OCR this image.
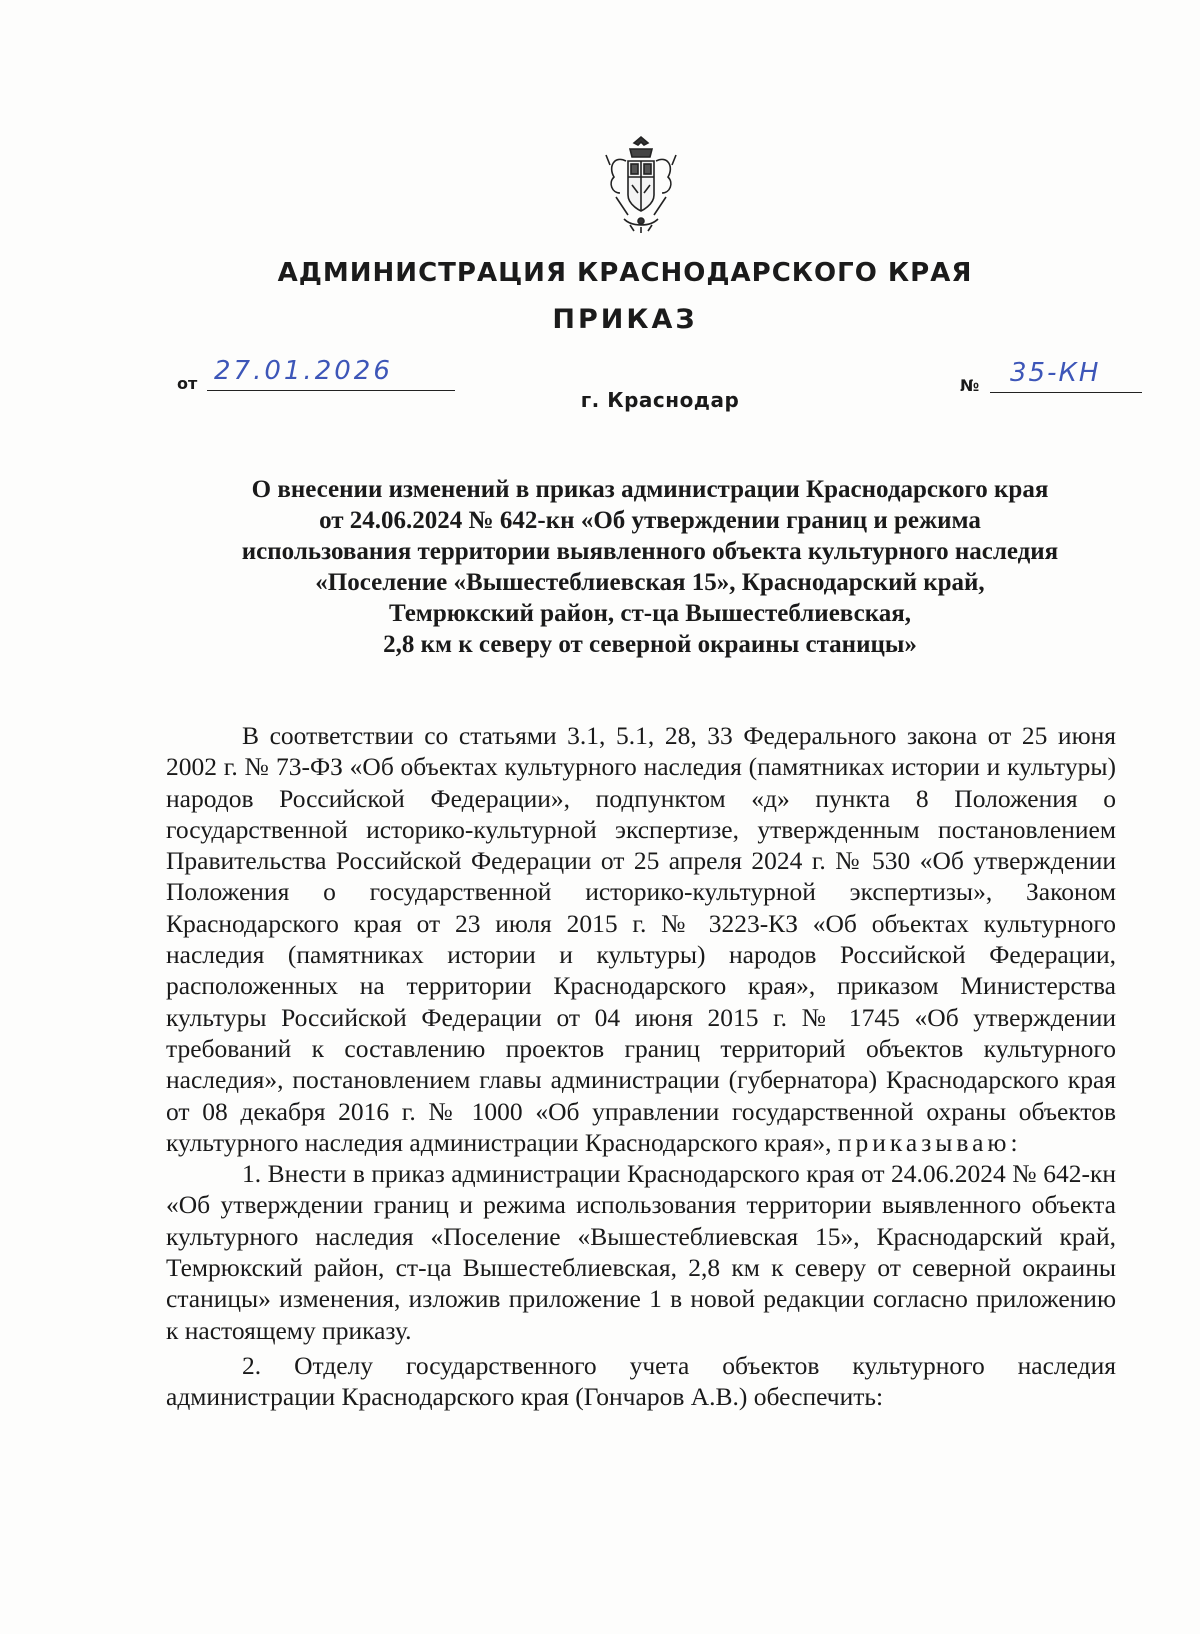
АДМИНИСТРАЦИЯ КРАСНОДАРСКОГО КРАЯ
ПРИКАЗ
от 27.01.2026	№ 35-КН
г. Краснодар
О внесении изменений в приказ администрации Краснодарского края
от 24.06.2024 № 642-кн «Об утверждении границ и режима
использования территории выявленного объекта культурного наследия
«Поселение «Вышестеблиевская 15», Краснодарский край,
Темрюкский район, ст-ца Вышестеблиевская,
2,8 км к северу от северной окраины станицы»

В соответствии со статьями 3.1, 5.1, 28, 33 Федерального закона от 25 июня 2002 г. № 73-ФЗ «Об объектах культурного наследия (памятниках истории и культуры) народов Российской Федерации», подпунктом «д» пункта 8 Положения о государственной историко-культурной экспертизе, утвержденным постановлением Правительства Российской Федерации от 25 апреля 2024 г. № 530 «Об утверждении Положения о государственной историко-культурной экспертизы», Законом Краснодарского края от 23 июля 2015 г. № 3223-КЗ «Об объектах культурного наследия (памятниках истории и культуры) народов Российской Федерации, расположенных на территории Краснодарского края», приказом Министерства культуры Российской Федерации от 04 июня 2015 г. № 1745 «Об утверждении требований к составлению проектов границ территорий объектов культурного наследия», постановлением главы администрации (губернатора) Краснодарского края от 08 декабря 2016 г. № 1000 «Об управлении государственной охраны объектов культурного наследия администрации Краснодарского края», приказываю:

1. Внести в приказ администрации Краснодарского края от 24.06.2024 № 642-кн «Об утверждении границ и режима использования территории выявленного объекта культурного наследия «Поселение «Вышестеблиевская 15», Краснодарский край, Темрюкский район, ст-ца Вышестеблиевская, 2,8 км к северу от северной окраины станицы» изменения, изложив приложение 1 в новой редакции согласно приложению к настоящему приказу.

2. Отделу государственного учета объектов культурного наследия администрации Краснодарского края (Гончаров А.В.) обеспечить:
